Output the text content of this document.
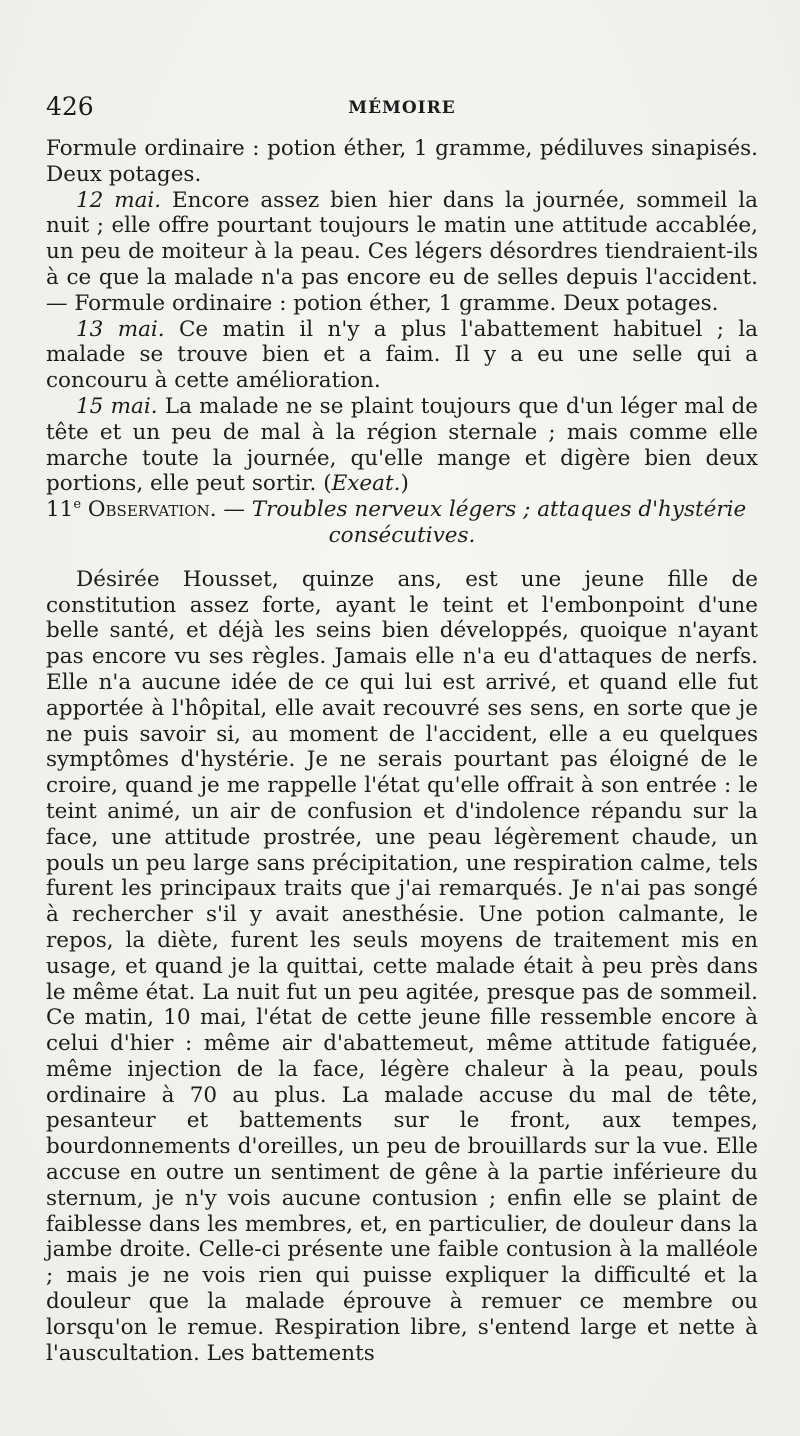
426	MÉMOIRE

Formule ordinaire : potion éther, 1 gramme, pédiluves sinapisés. Deux potages.

12 mai. Encore assez bien hier dans la journée, sommeil la nuit ; elle offre pourtant toujours le matin une attitude accablée, un peu de moiteur à la peau. Ces légers désordres tiendraient-ils à ce que la malade n'a pas encore eu de selles depuis l'accident. — Formule ordinaire : potion éther, 1 gramme. Deux potages.

13 mai. Ce matin il n'y a plus l'abattement habituel ; la malade se trouve bien et a faim. Il y a eu une selle qui a concouru à cette amélioration.

15 mai. La malade ne se plaint toujours que d'un léger mal de tête et un peu de mal à la région sternale ; mais comme elle marche toute la journée, qu'elle mange et digère bien deux portions, elle peut sortir. (Exeat.)

11e Observation. — Troubles nerveux légers ; attaques d'hystérie

consécutives.

Désirée Housset, quinze ans, est une jeune fille de constitution assez forte, ayant le teint et l'embonpoint d'une belle santé, et déjà les seins bien développés, quoique n'ayant pas encore vu ses règles. Jamais elle n'a eu d'attaques de nerfs. Elle n'a aucune idée de ce qui lui est arrivé, et quand elle fut apportée à l'hôpital, elle avait recouvré ses sens, en sorte que je ne puis savoir si, au moment de l'accident, elle a eu quelques symptômes d'hystérie. Je ne serais pourtant pas éloigné de le croire, quand je me rappelle l'état qu'elle offrait à son entrée : le teint animé, un air de confusion et d'indolence répandu sur la face, une attitude prostrée, une peau légèrement chaude, un pouls un peu large sans précipitation, une respiration calme, tels furent les principaux traits que j'ai remarqués. Je n'ai pas songé à rechercher s'il y avait anesthésie. Une potion calmante, le repos, la diète, furent les seuls moyens de traitement mis en usage, et quand je la quittai, cette malade était à peu près dans le même état. La nuit fut un peu agitée, presque pas de sommeil. Ce matin, 10 mai, l'état de cette jeune fille ressemble encore à celui d'hier : même air d'abattemeut, même attitude fatiguée, même injection de la face, légère chaleur à la peau, pouls ordinaire à 70 au plus. La malade accuse du mal de tête, pesanteur et battements sur le front, aux tempes, bourdonnements d'oreilles, un peu de brouillards sur la vue. Elle accuse en outre un sentiment de gêne à la partie inférieure du sternum, je n'y vois aucune contusion ; enfin elle se plaint de faiblesse dans les membres, et, en particulier, de douleur dans la jambe droite. Celle-ci présente une faible contusion à la malléole ; mais je ne vois rien qui puisse expliquer la difficulté et la douleur que la malade éprouve à remuer ce membre ou lorsqu'on le remue. Respiration libre, s'entend large et nette à l'auscultation. Les battements
